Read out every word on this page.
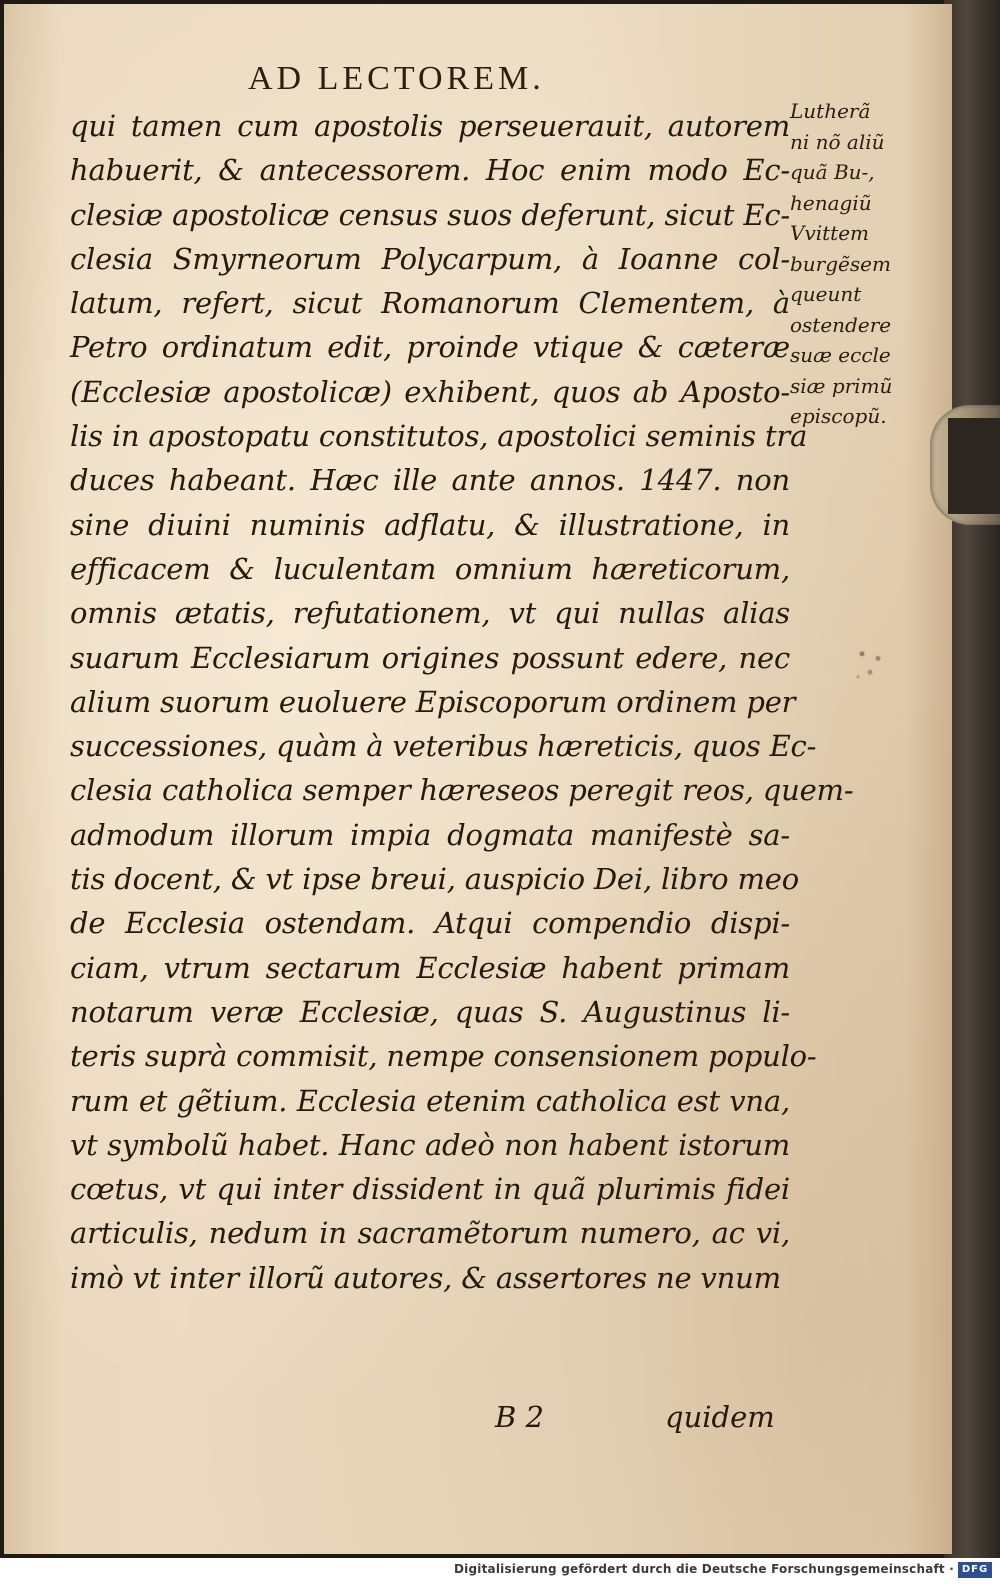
AD LECTOREM.
qui tamen cum apostolis perseuerauit, autorem
habuerit, & antecessorem. Hoc enim modo Ec-
clesiæ apostolicæ census suos deferunt, sicut Ec-
clesia Smyrneorum Polycarpum, à Ioanne col-
latum, refert, sicut Romanorum Clementem, à
Petro ordinatum edit, proinde vtique & cæteræ
(Ecclesiæ apostolicæ) exhibent, quos ab Aposto-
lis in apostopatu constitutos, apostolici seminis tra
duces habeant. Hæc ille ante annos. 1447. non
sine diuini numinis adflatu, & illustratione, in
efficacem & luculentam omnium hæreticorum,
omnis ætatis, refutationem, vt qui nullas alias
suarum Ecclesiarum origines possunt edere, nec
alium suorum euoluere Episcoporum ordinem per
successiones, quàm à veteribus hæreticis, quos Ec-
clesia catholica semper hæreseos peregit reos, quem-
admodum illorum impia dogmata manifestè sa-
tis docent, & vt ipse breui, auspicio Dei, libro meo
de Ecclesia ostendam. Atqui compendio dispi-
ciam, vtrum sectarum Ecclesiæ habent primam
notarum veræ Ecclesiæ, quas S. Augustinus li-
teris suprà commisit, nempe consensionem populo-
rum et gẽtium. Ecclesia etenim catholica est vna,
vt symbolũ habet. Hanc adeò non habent istorum
cœtus, vt qui inter dissident in quã plurimis fidei
articulis, nedum in sacramẽtorum numero, ac vi,
imò vt inter illorũ autores, & assertores ne vnum
Lutherã
ni nõ aliũ
quã Bu-,
henagiũ
Vvittem
burgẽsem
queunt
ostendere
suæ eccle
siæ primũ
episcopũ.
B 2	quidem
Digitalisierung gefördert durch die Deutsche Forschungsgemeinschaft · DFG
